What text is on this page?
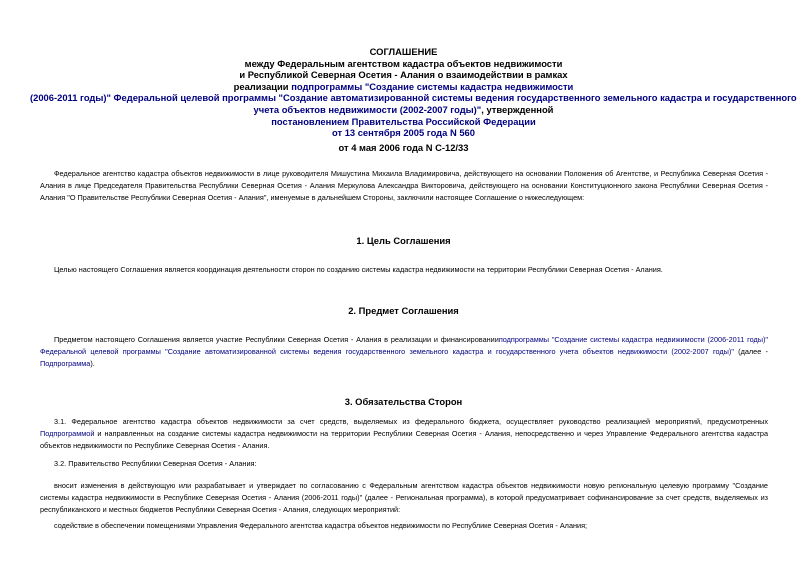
СОГЛАШЕНИЕ
между Федеральным агентством кадастра объектов недвижимости
и Республикой Северная Осетия - Алания о взаимодействии в рамках
реализации подпрограммы "Создание системы кадастра недвижимости
(2006-2011 годы)" Федеральной целевой программы "Создание автоматизированной системы ведения государственного земельного кадастра и государственного
учета объектов недвижимости (2002-2007 годы)", утвержденной
постановлением Правительства Российской Федерации
от 13 сентября 2005 года N 560
от 4 мая 2006 года N С-12/33
Федеральное агентство кадастра объектов недвижимости в лице руководителя Мишустина Михаила Владимировича, действующего на основании Положения об Агентстве, и Республика Северная Осетия - Алания в лице Председателя Правительства Республики Северная Осетия - Алания Меркулова Александра Викторовича, действующего на основании Конституционного закона Республики Северная Осетия - Алания "О Правительстве Республики Северная Осетия - Алания", именуемые в дальнейшем Стороны, заключили настоящее Соглашение о нижеследующем:
1. Цель Соглашения
Целью настоящего Соглашения является координация деятельности сторон по созданию системы кадастра недвижимости на территории Республики Северная Осетия - Алания.
2. Предмет Соглашения
Предметом настоящего Соглашения является участие Республики Северная Осетия - Алания в реализации и финансированииподпрограммы "Создание системы кадастра недвижимости (2006-2011 годы)" Федеральной целевой программы "Создание автоматизированной системы ведения государственного земельного кадастра и государственного учета объектов недвижимости (2002-2007 годы)" (далее - Подпрограмма).
3. Обязательства Сторон
3.1. Федеральное агентство кадастра объектов недвижимости за счет средств, выделяемых из федерального бюджета, осуществляет руководство реализацией мероприятий, предусмотренных Подпрограммой и направленных на создание системы кадастра недвижимости на территории Республики Северная Осетия - Алания, непосредственно и через Управление Федерального агентства кадастра объектов недвижимости по Республике Северная Осетия - Алания.
3.2. Правительство Республики Северная Осетия - Алания:
вносит изменения в действующую или разрабатывает и утверждает по согласованию с Федеральным агентством кадастра объектов недвижимости новую региональную целевую программу "Создание системы кадастра недвижимости в Республике Северная Осетия - Алания (2006-2011 годы)" (далее - Региональная программа), в которой предусматривает софинансирование за счет средств, выделяемых из республиканского и местных бюджетов Республики Северная Осетия - Алания, следующих мероприятий:
содействие в обеспечении помещениями Управления Федерального агентства кадастра объектов недвижимости по Республике Северная Осетия - Алания;
